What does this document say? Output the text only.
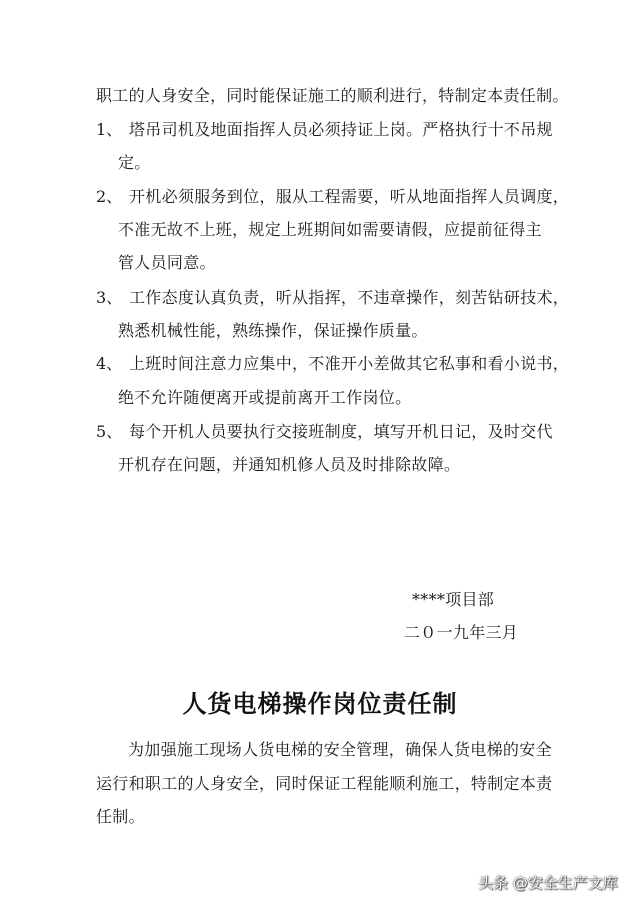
职工的人身安全，同时能保证施工的顺利进行，特制定本责任制。
1、 塔吊司机及地面指挥人员必须持证上岗。严格执行十不吊规
定。
2、 开机必须服务到位，服从工程需要，听从地面指挥人员调度，
不准无故不上班，规定上班期间如需要请假，应提前征得主
管人员同意。
3、 工作态度认真负责，听从指挥，不违章操作，刻苦钻研技术，
熟悉机械性能，熟练操作，保证操作质量。
4、 上班时间注意力应集中，不准开小差做其它私事和看小说书，
绝不允许随便离开或提前离开工作岗位。
5、 每个开机人员要执行交接班制度，填写开机日记，及时交代
开机存在问题，并通知机修人员及时排除故障。
****项目部
二０一九年三月
人货电梯操作岗位责任制
为加强施工现场人货电梯的安全管理，确保人货电梯的安全
运行和职工的人身安全，同时保证工程能顺利施工，特制定本责
任制。
头条 @安全生产文库
